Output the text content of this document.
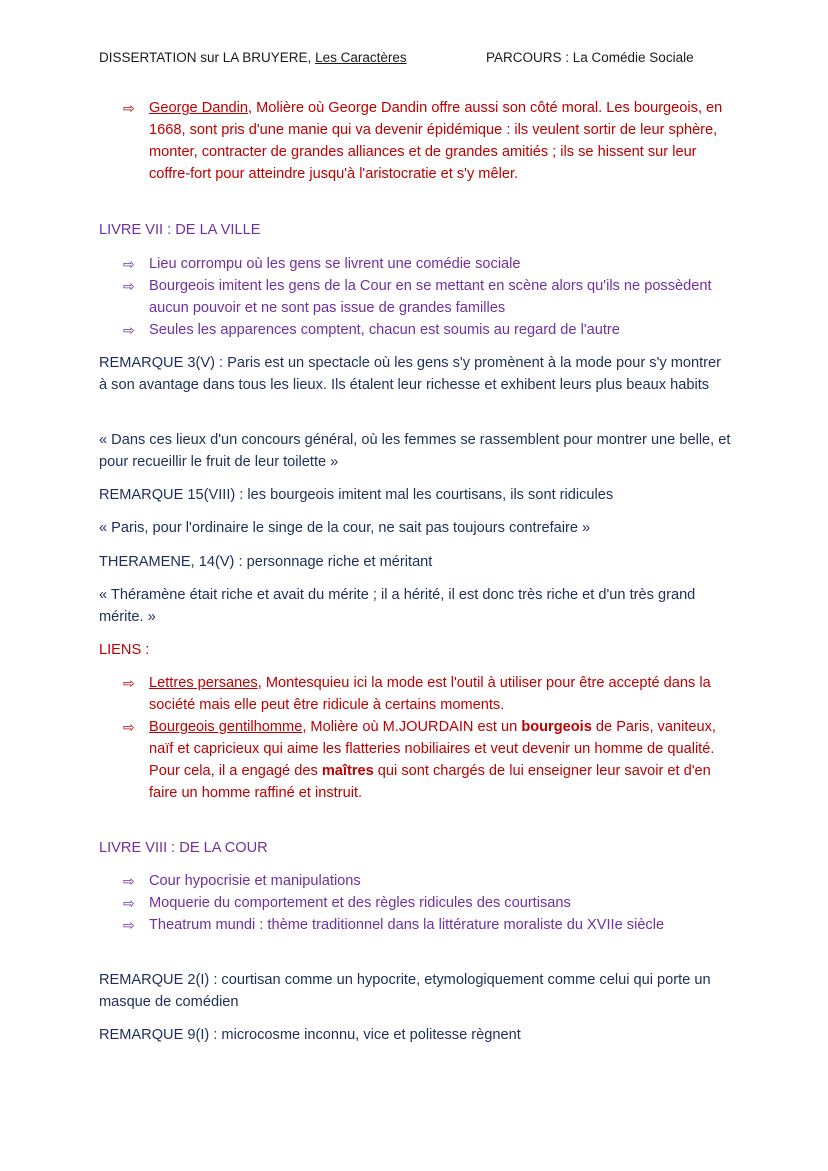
DISSERTATION sur LA BRUYERE, Les Caractères	PARCOURS : La Comédie Sociale
⇨ George Dandin, Molière où George Dandin offre aussi son côté moral. Les bourgeois, en 1668, sont pris d'une manie qui va devenir épidémique : ils veulent sortir de leur sphère, monter, contracter de grandes alliances et de grandes amitiés ; ils se hissent sur leur coffre-fort pour atteindre jusqu'à l'aristocratie et s'y mêler.
LIVRE VII : DE LA VILLE
⇨ Lieu corrompu où les gens se livrent une comédie sociale
⇨ Bourgeois imitent les gens de la Cour en se mettant en scène alors qu'ils ne possèdent aucun pouvoir et ne sont pas issue de grandes familles
⇨ Seules les apparences comptent, chacun est soumis au regard de l'autre
REMARQUE 3(V) : Paris est un spectacle où les gens s'y promènent à la mode pour s'y montrer à son avantage dans tous les lieux. Ils étalent leur richesse et exhibent leurs plus beaux habits
« Dans ces lieux d'un concours général, où les femmes se rassemblent pour montrer une belle, et pour recueillir le fruit de leur toilette »
REMARQUE 15(VIII) : les bourgeois imitent mal les courtisans, ils sont ridicules
« Paris, pour l'ordinaire le singe de la cour, ne sait pas toujours contrefaire »
THERAMENE, 14(V) : personnage riche et méritant
« Théramène était riche et avait du mérite ; il a hérité, il est donc très riche et d'un très grand mérite. »
LIENS :
⇨ Lettres persanes, Montesquieu ici la mode est l'outil à utiliser pour être accepté dans la société mais elle peut être ridicule à certains moments.
⇨ Bourgeois gentilhomme, Molière où M.JOURDAIN est un bourgeois de Paris, vaniteux, naïf et capricieux qui aime les flatteries nobiliaires et veut devenir un homme de qualité. Pour cela, il a engagé des maîtres qui sont chargés de lui enseigner leur savoir et d'en faire un homme raffiné et instruit.
LIVRE VIII : DE LA COUR
⇨ Cour hypocrisie et manipulations
⇨ Moquerie du comportement et des règles ridicules des courtisans
⇨ Theatrum mundi : thème traditionnel dans la littérature moraliste du XVIIe siècle
REMARQUE 2(I) : courtisan comme un hypocrite, etymologiquement comme celui qui porte un masque de comédien
REMARQUE 9(I) : microcosme inconnu, vice et politesse règnent
